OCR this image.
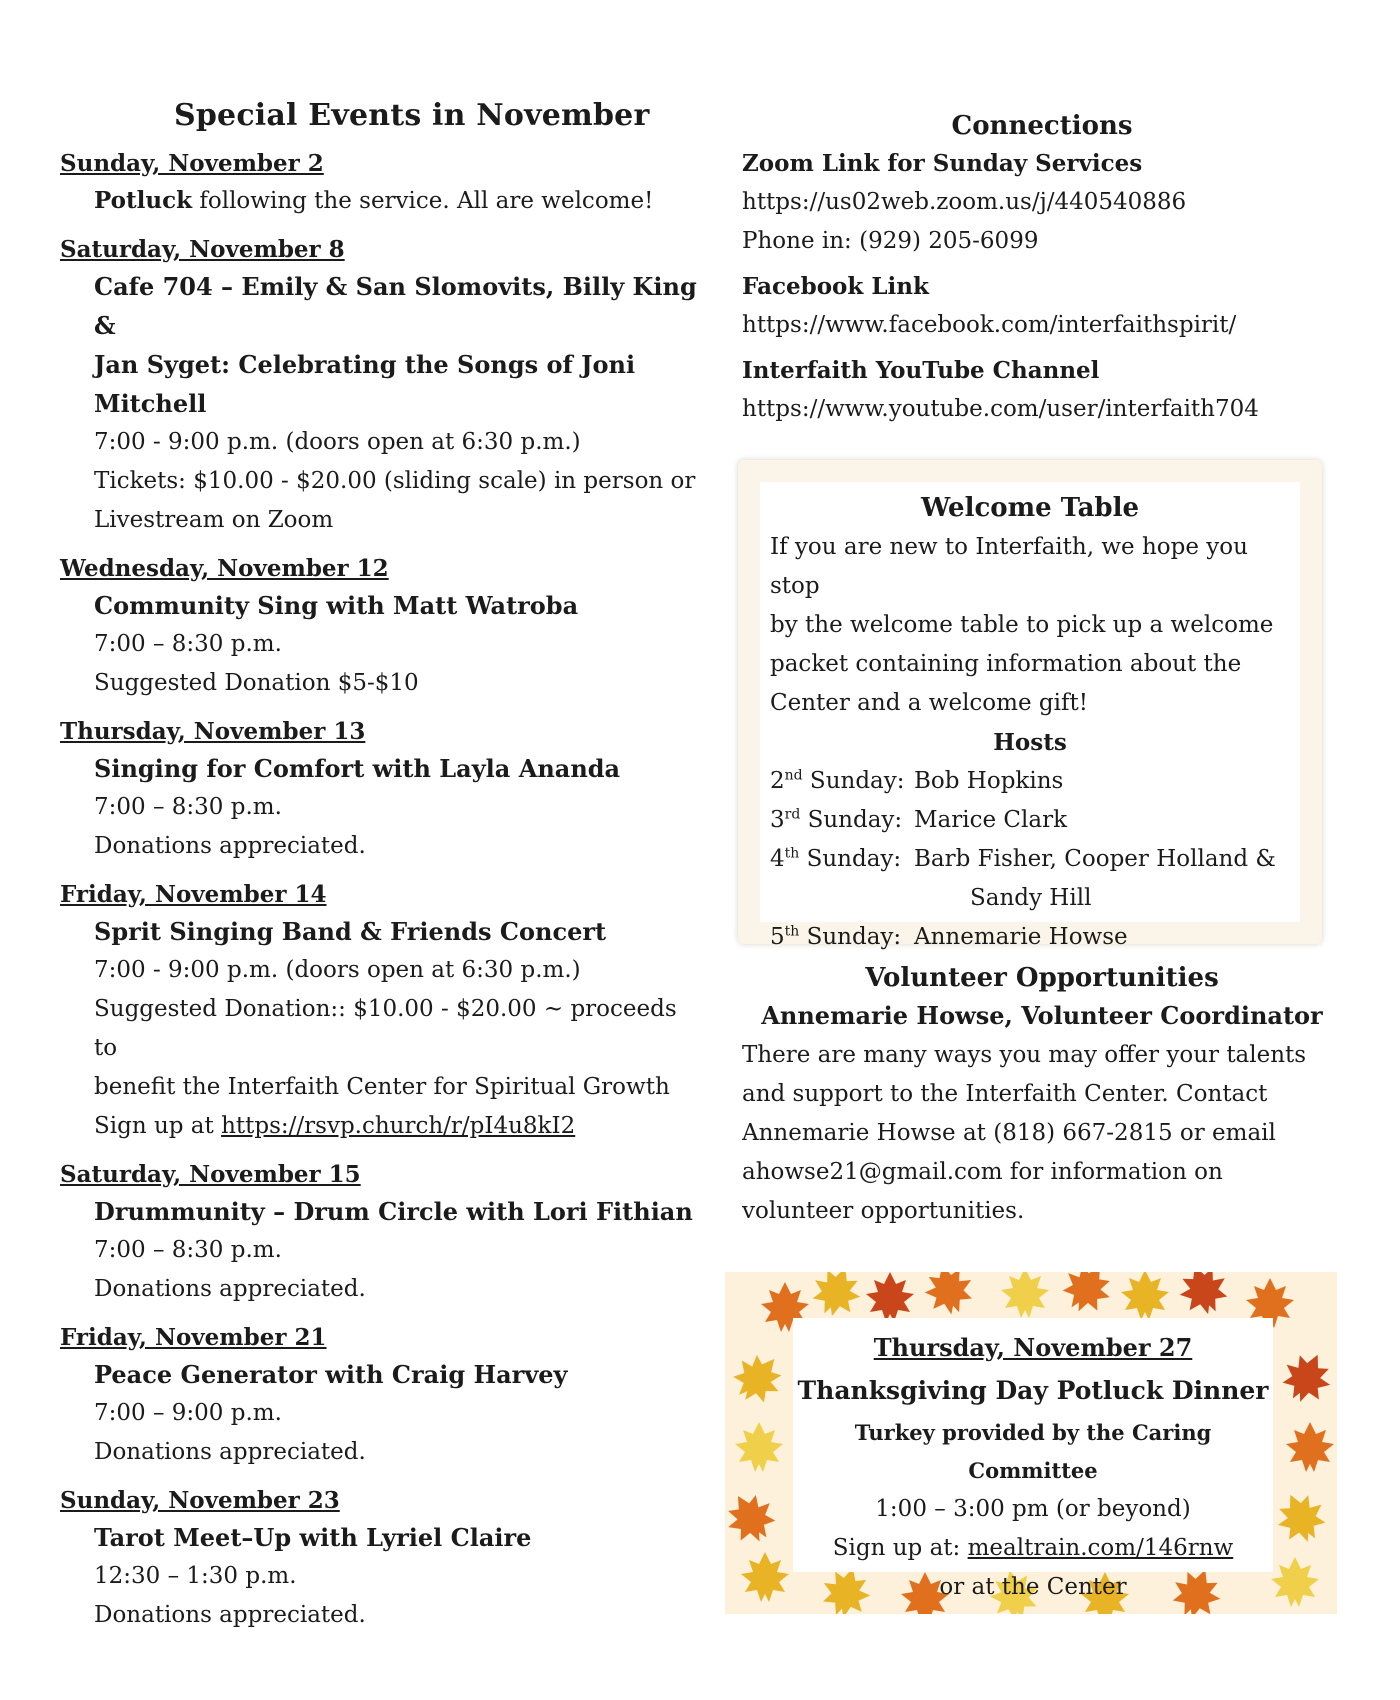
Special Events in November
Sunday, November 2
Potluck following the service. All are welcome!
Saturday, November 8
Cafe 704 – Emily & San Slomovits, Billy King &
Jan Syget: Celebrating the Songs of Joni Mitchell
7:00 - 9:00 p.m. (doors open at 6:30 p.m.)
Tickets: $10.00 - $20.00 (sliding scale) in person or
Livestream on Zoom
Wednesday, November 12
Community Sing with Matt Watroba
7:00 – 8:30 p.m.
Suggested Donation $5-$10
Thursday, November 13
Singing for Comfort with Layla Ananda
7:00 – 8:30 p.m.
Donations appreciated.
Friday, November 14
Sprit Singing Band & Friends Concert
7:00 - 9:00 p.m. (doors open at 6:30 p.m.)
Suggested Donation:: $10.00 - $20.00 ~ proceeds to
benefit the Interfaith Center for Spiritual Growth
Sign up at https://rsvp.church/r/pI4u8kI2
Saturday, November 15
Drummunity – Drum Circle with Lori Fithian
7:00 – 8:30 p.m.
Donations appreciated.
Friday, November 21
Peace Generator with Craig Harvey
7:00 – 9:00 p.m.
Donations appreciated.
Sunday, November 23
Tarot Meet–Up with Lyriel Claire
12:30 – 1:30 p.m.
Donations appreciated.
Connections
Zoom Link for Sunday Services
https://us02web.zoom.us/j/440540886
Phone in: (929) 205-6099
Facebook Link
https://www.facebook.com/interfaithspirit/
Interfaith YouTube Channel
https://www.youtube.com/user/interfaith704
Welcome Table
If you are new to Interfaith, we hope you stop
by the welcome table to pick up a welcome
packet containing information about the
Center and a welcome gift!
Hosts
2nd Sunday: Bob Hopkins
3rd Sunday: Marice Clark
4th Sunday: Barb Fisher, Cooper Holland &
Sandy Hill
5th Sunday: Annemarie Howse
Volunteer Opportunities
Annemarie Howse, Volunteer Coordinator
There are many ways you may offer your talents
and support to the Interfaith Center. Contact
Annemarie Howse at (818) 667-2815 or email
ahowse21@gmail.com for information on
volunteer opportunities.
Thursday, November 27
Thanksgiving Day Potluck Dinner
Turkey provided by the Caring Committee
1:00 – 3:00 pm (or beyond)
Sign up at: mealtrain.com/146rnw
or at the Center
